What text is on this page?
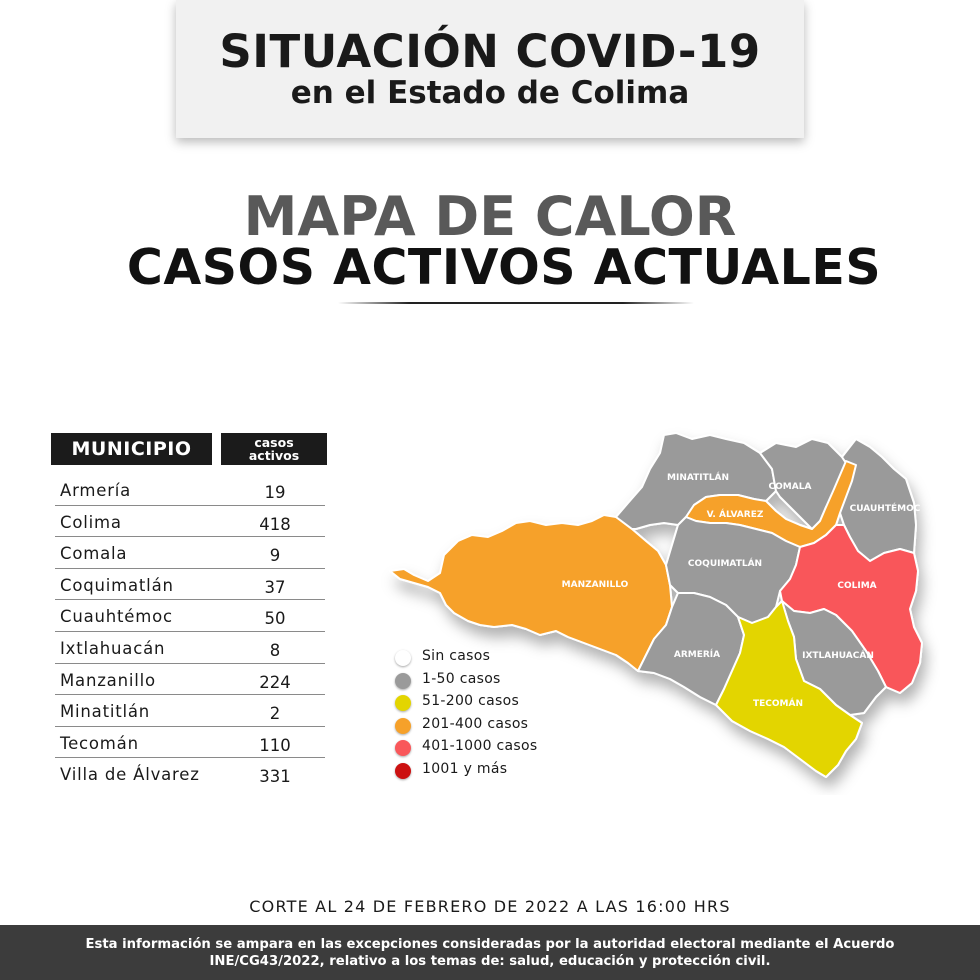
SITUACIÓN COVID-19
en el Estado de Colima
MAPA DE CALOR
CASOS ACTIVOS ACTUALES
MUNICIPIO	casos
activos
Armería	19
Colima	418
Comala	9
Coquimatlán	37
Cuauhtémoc	50
Ixtlahuacán	8
Manzanillo	224
Minatitlán	2
Tecomán	110
Villa de Álvarez	331
MINATITLÁN
COMALA
V. ÁLVAREZ
CUAUHTÉMOC
COQUIMATLÁN
MANZANILLO	COLIMA
ARMERÍA	IXTLAHUACÁN
TECOMÁN
Sin casos
1-50 casos
51-200 casos
201-400 casos
401-1000 casos
1001 y más
CORTE AL 24 DE FEBRERO DE 2022 A LAS 16:00 HRS
Esta información se ampara en las excepciones consideradas por la autoridad electoral mediante el Acuerdo
INE/CG43/2022, relativo a los temas de: salud, educación y protección civil.
